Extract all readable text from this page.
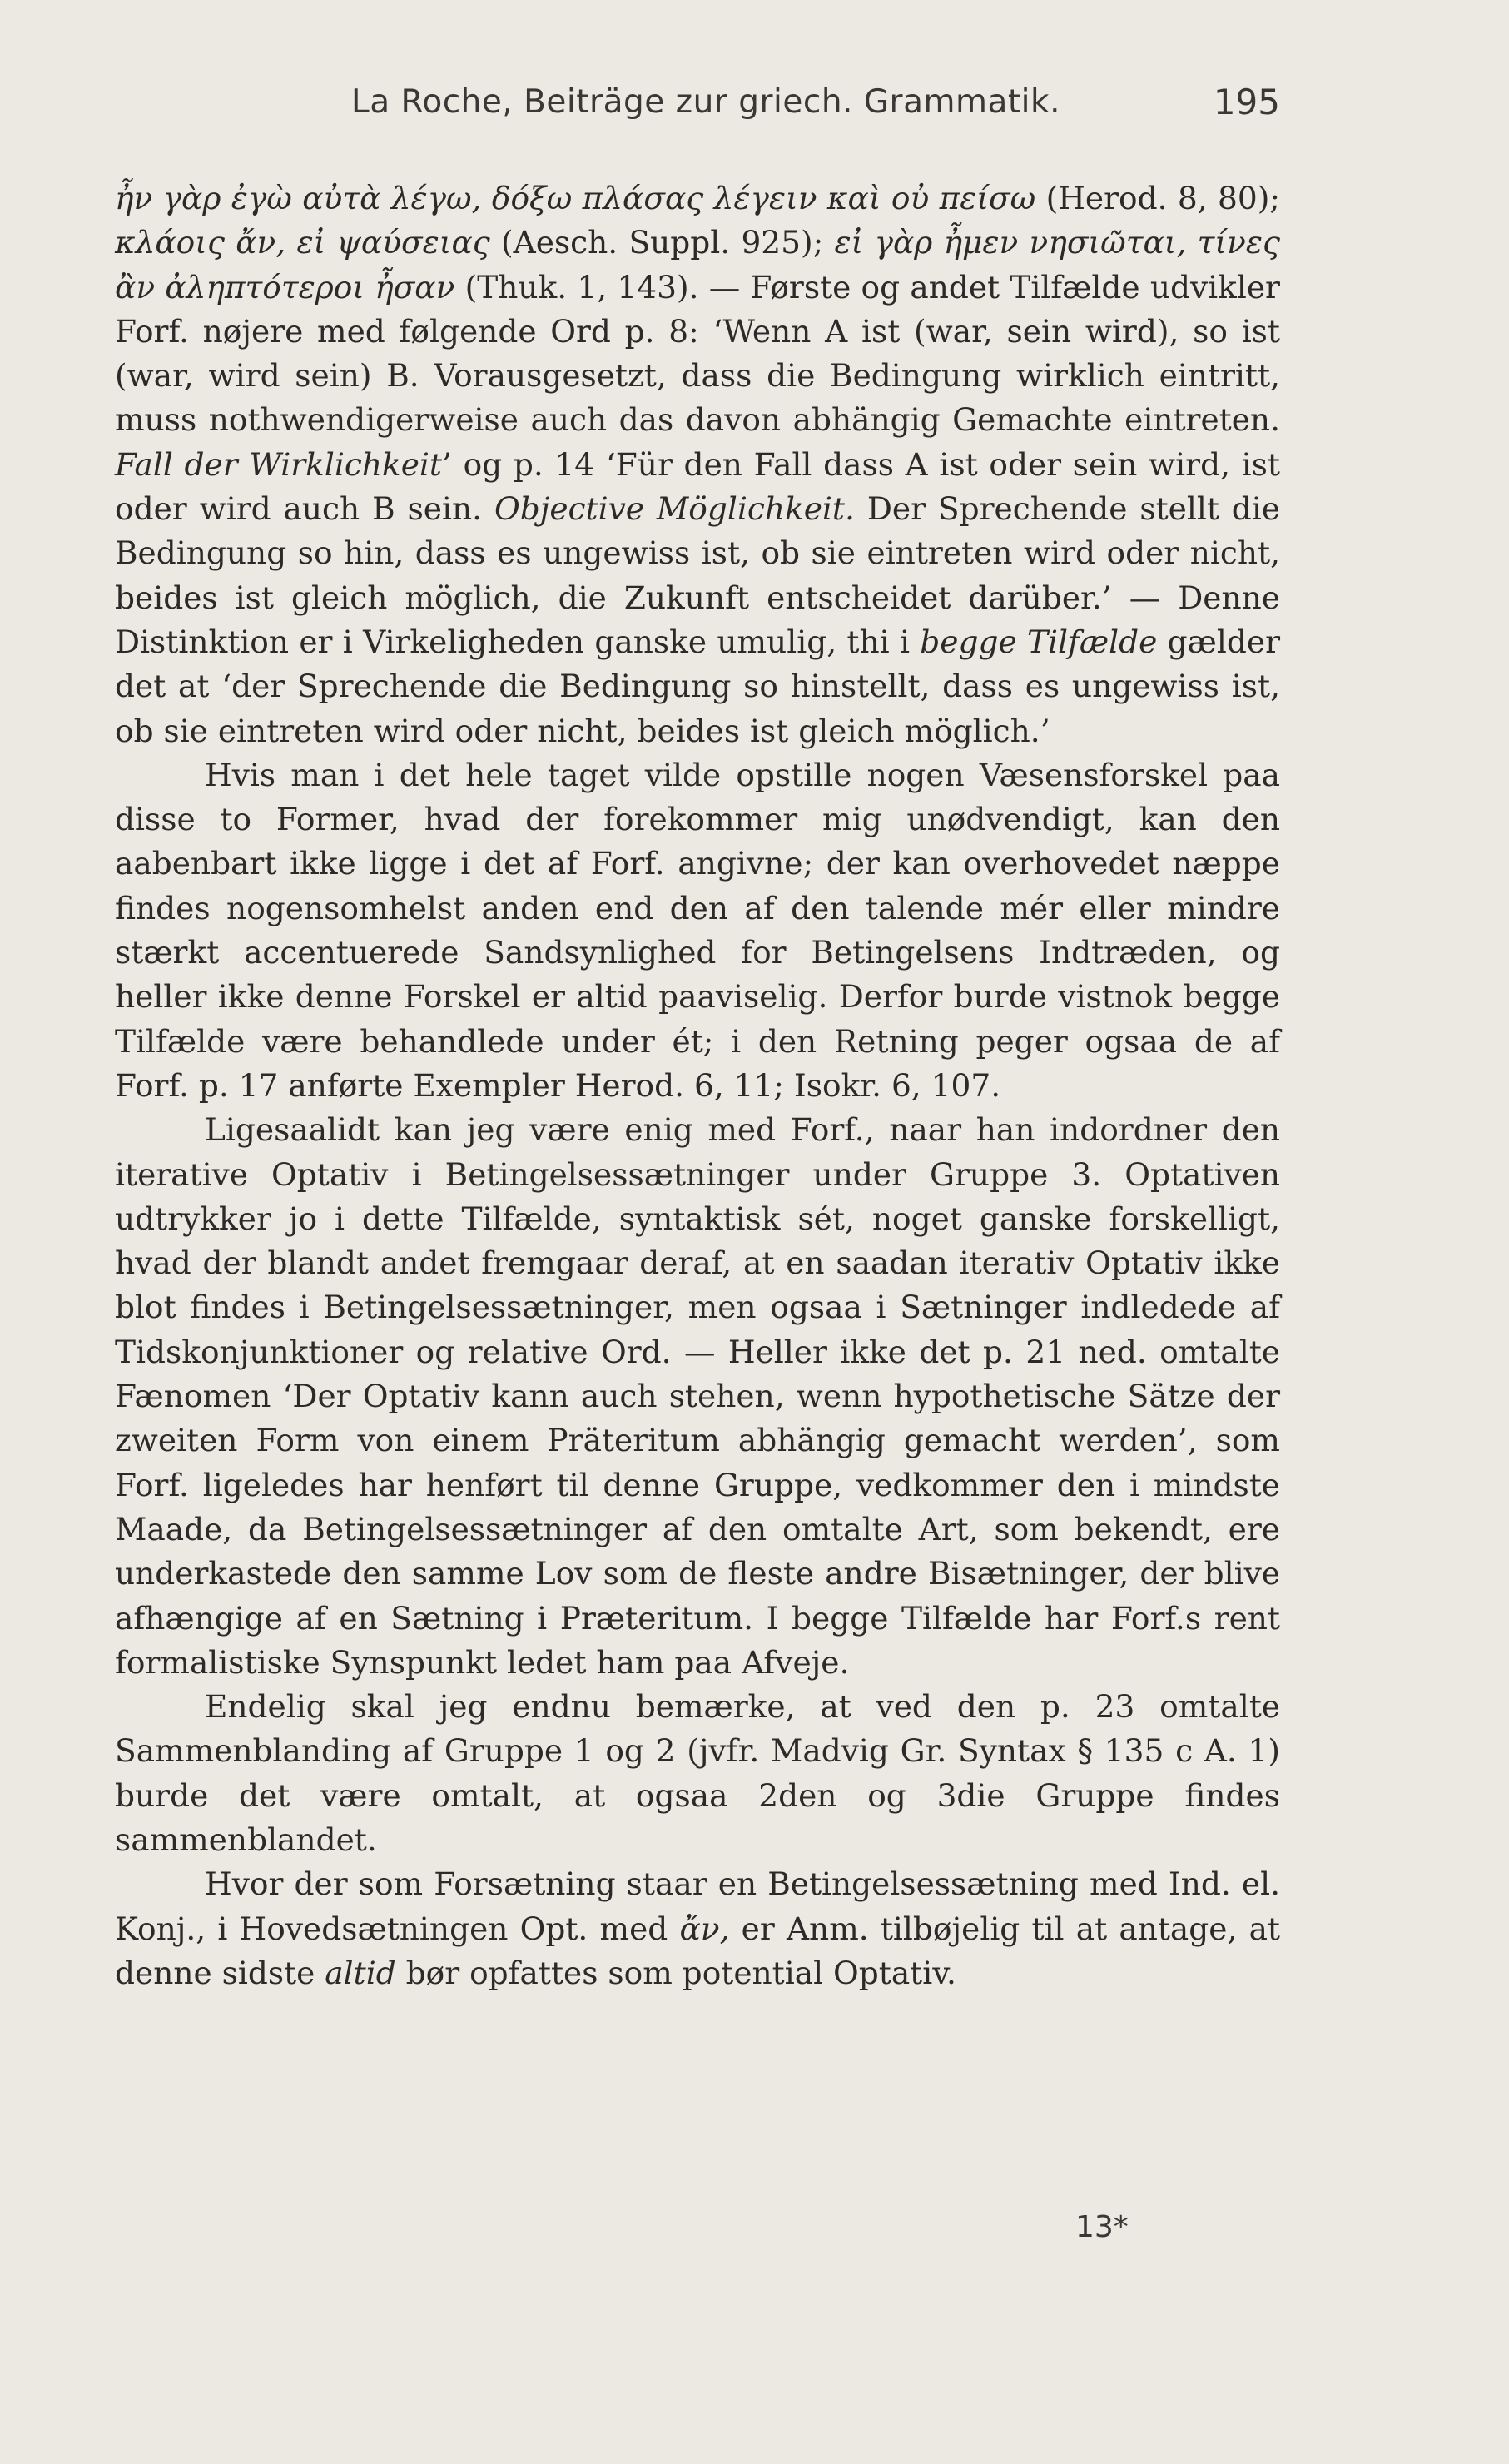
La Roche, Beiträge zur griech. Grammatik.	195

ἦν γὰρ ἐγὼ αὐτὰ λέγω, δόξω πλάσας λέγειν καὶ οὐ πείσω (Herod. 8, 80); κλάοις ἄν, εἰ ψαύσειας (Aesch. Suppl. 925); εἰ γὰρ ἦμεν νησιῶται, τίνες ἂν ἀληπτότεροι ἦσαν (Thuk. 1, 143). — Første og andet Tilfælde udvikler Forf. nøjere med følgende Ord p. 8: ‘Wenn A ist (war, sein wird), so ist (war, wird sein) B. Vorausgesetzt, dass die Bedingung wirklich eintritt, muss nothwendigerweise auch das davon abhängig Gemachte eintreten. Fall der Wirklichkeit’ og p. 14 ‘Für den Fall dass A ist oder sein wird, ist oder wird auch B sein. Objective Möglichkeit. Der Sprechende stellt die Bedingung so hin, dass es ungewiss ist, ob sie eintreten wird oder nicht, beides ist gleich möglich, die Zukunft entscheidet darüber.’ — Denne Distinktion er i Virkeligheden ganske umulig, thi i begge Tilfælde gælder det at ‘der Sprechende die Bedingung so hinstellt, dass es ungewiss ist, ob sie eintreten wird oder nicht, beides ist gleich möglich.’

Hvis man i det hele taget vilde opstille nogen Væsensforskel paa disse to Former, hvad der forekommer mig unødvendigt, kan den aabenbart ikke ligge i det af Forf. angivne; der kan overhovedet næppe findes nogensomhelst anden end den af den talende mér eller mindre stærkt accentuerede Sandsynlighed for Betingelsens Indtræden, og heller ikke denne Forskel er altid paaviselig. Derfor burde vistnok begge Tilfælde være behandlede under ét; i den Retning peger ogsaa de af Forf. p. 17 anførte Exempler Herod. 6, 11; Isokr. 6, 107.

Ligesaalidt kan jeg være enig med Forf., naar han indordner den iterative Optativ i Betingelsessætninger under Gruppe 3. Optativen udtrykker jo i dette Tilfælde, syntaktisk sét, noget ganske forskelligt, hvad der blandt andet fremgaar deraf, at en saadan iterativ Optativ ikke blot findes i Betingelsessætninger, men ogsaa i Sætninger indledede af Tidskonjunktioner og relative Ord. — Heller ikke det p. 21 ned. omtalte Fænomen ‘Der Optativ kann auch stehen, wenn hypothetische Sätze der zweiten Form von einem Präteritum abhängig gemacht werden’, som Forf. ligeledes har henført til denne Gruppe, vedkommer den i mindste Maade, da Betingelsessætninger af den omtalte Art, som bekendt, ere underkastede den samme Lov som de fleste andre Bisætninger, der blive afhængige af en Sætning i Præteritum. I begge Tilfælde har Forf.s rent formalistiske Synspunkt ledet ham paa Afveje.

Endelig skal jeg endnu bemærke, at ved den p. 23 omtalte Sammenblanding af Gruppe 1 og 2 (jvfr. Madvig Gr. Syntax § 135 c A. 1) burde det være omtalt, at ogsaa 2den og 3die Gruppe findes sammenblandet.

Hvor der som Forsætning staar en Betingelsessætning med Ind. el. Konj., i Hovedsætningen Opt. med ἄν, er Anm. tilbøjelig til at antage, at denne sidste altid bør opfattes som potential Optativ.

13*
